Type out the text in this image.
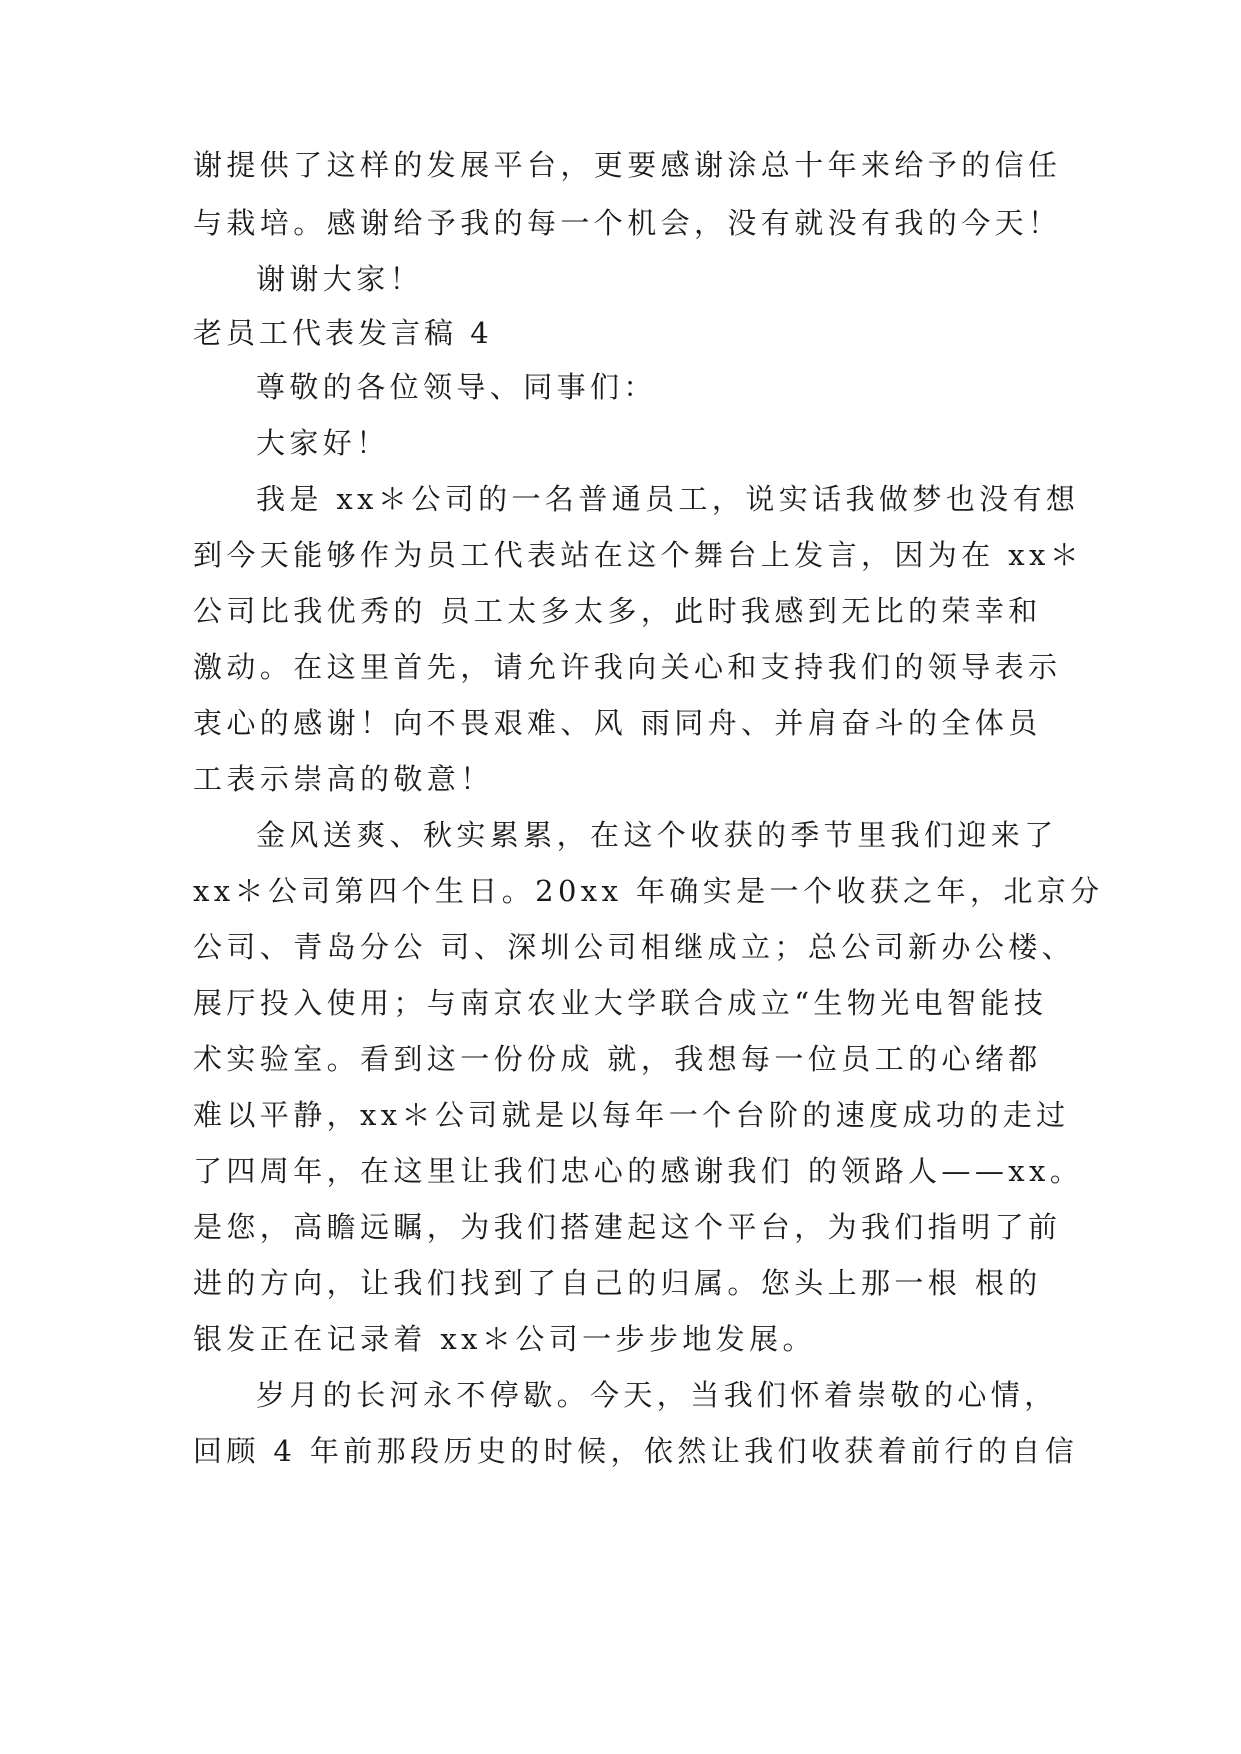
谢提供了这样的发展平台，更要感谢涂总十年来给予的信任
与栽培。感谢给予我的每一个机会，没有就没有我的今天！
谢谢大家！
老员工代表发言稿 4
尊敬的各位领导、同事们：
大家好！
我是 xx＊公司的一名普通员工，说实话我做梦也没有想
到今天能够作为员工代表站在这个舞台上发言，因为在 xx＊
公司比我优秀的 员工太多太多，此时我感到无比的荣幸和
激动。在这里首先，请允许我向关心和支持我们的领导表示
衷心的感谢！向不畏艰难、风 雨同舟、并肩奋斗的全体员
工表示崇高的敬意！
金风送爽、秋实累累，在这个收获的季节里我们迎来了
xx＊公司第四个生日。20xx 年确实是一个收获之年，北京分
公司、青岛分公 司、深圳公司相继成立；总公司新办公楼、
展厅投入使用；与南京农业大学联合成立“生物光电智能技
术实验室。看到这一份份成 就，我想每一位员工的心绪都
难以平静，xx＊公司就是以每年一个台阶的速度成功的走过
了四周年，在这里让我们忠心的感谢我们 的领路人——xx。
是您，高瞻远瞩，为我们搭建起这个平台，为我们指明了前
进的方向，让我们找到了自己的归属。您头上那一根 根的
银发正在记录着 xx＊公司一步步地发展。
岁月的长河永不停歇。今天，当我们怀着崇敬的心情，
回顾 4 年前那段历史的时候，依然让我们收获着前行的自信
